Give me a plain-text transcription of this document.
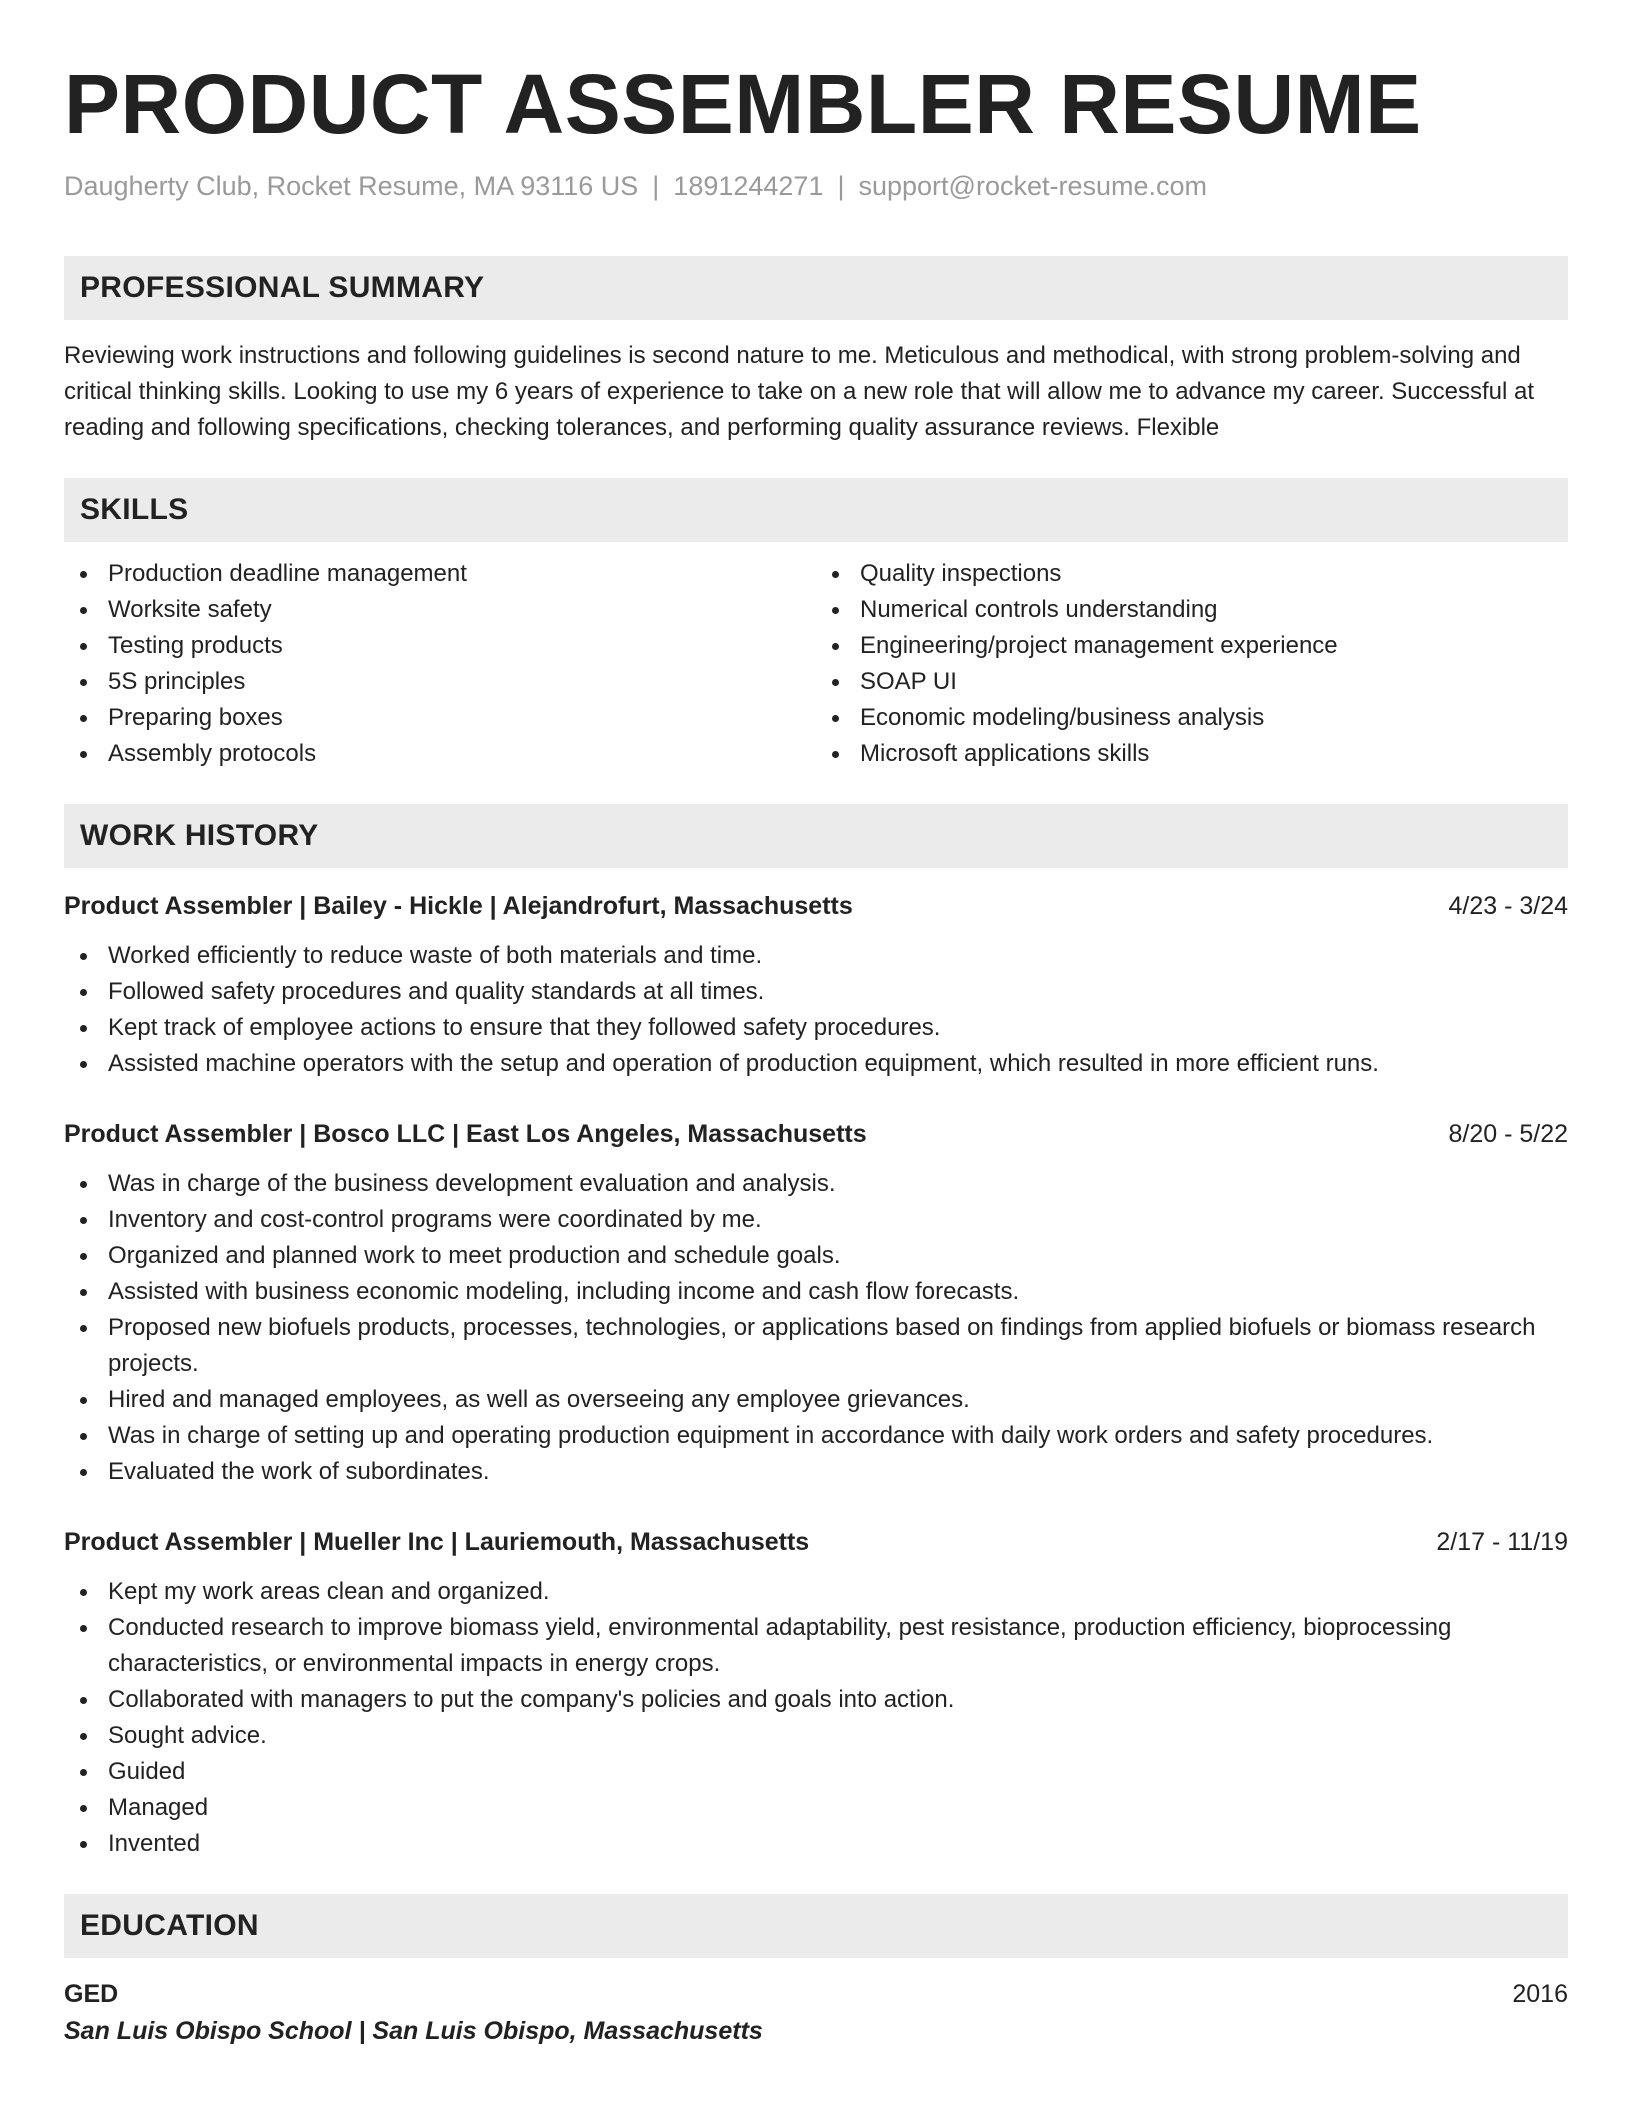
PRODUCT ASSEMBLER RESUME
Daugherty Club, Rocket Resume, MA 93116 US | 1891244271 | support@rocket-resume.com
PROFESSIONAL SUMMARY
Reviewing work instructions and following guidelines is second nature to me. Meticulous and methodical, with strong problem-solving and critical thinking skills. Looking to use my 6 years of experience to take on a new role that will allow me to advance my career. Successful at reading and following specifications, checking tolerances, and performing quality assurance reviews. Flexible
SKILLS
Production deadline management
Worksite safety
Testing products
5S principles
Preparing boxes
Assembly protocols
Quality inspections
Numerical controls understanding
Engineering/project management experience
SOAP UI
Economic modeling/business analysis
Microsoft applications skills
WORK HISTORY
Product Assembler | Bailey - Hickle | Alejandrofurt, Massachusetts	4/23 - 3/24
Worked efficiently to reduce waste of both materials and time.
Followed safety procedures and quality standards at all times.
Kept track of employee actions to ensure that they followed safety procedures.
Assisted machine operators with the setup and operation of production equipment, which resulted in more efficient runs.
Product Assembler | Bosco LLC | East Los Angeles, Massachusetts	8/20 - 5/22
Was in charge of the business development evaluation and analysis.
Inventory and cost-control programs were coordinated by me.
Organized and planned work to meet production and schedule goals.
Assisted with business economic modeling, including income and cash flow forecasts.
Proposed new biofuels products, processes, technologies, or applications based on findings from applied biofuels or biomass research projects.
Hired and managed employees, as well as overseeing any employee grievances.
Was in charge of setting up and operating production equipment in accordance with daily work orders and safety procedures.
Evaluated the work of subordinates.
Product Assembler | Mueller Inc | Lauriemouth, Massachusetts	2/17 - 11/19
Kept my work areas clean and organized.
Conducted research to improve biomass yield, environmental adaptability, pest resistance, production efficiency, bioprocessing characteristics, or environmental impacts in energy crops.
Collaborated with managers to put the company's policies and goals into action.
Sought advice.
Guided
Managed
Invented
EDUCATION
GED	2016
San Luis Obispo School | San Luis Obispo, Massachusetts
